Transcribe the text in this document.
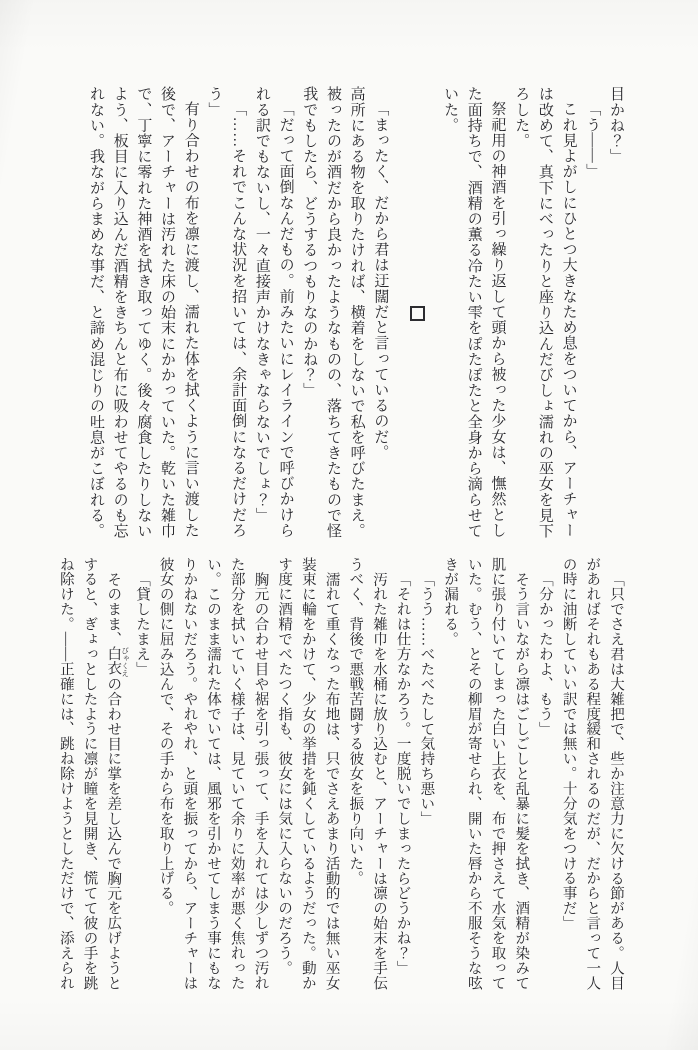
目かね？」

「う――」

これ見よがしにひとつ大きなため息をついてから、アーチャーは改めて、真下にべったりと座り込んだびしょ濡れの巫女を見下ろした。

祭祀用の神酒を引っ繰り返して頭から被った少女は、憮然とした面持ちで、酒精の薫る冷たい雫をぽたぽたと全身から滴らせていた。

「まったく、だから君は迂闊だと言っているのだ。
高所にある物を取りたければ、横着をしないで私を呼びたまえ。被ったのが酒だから良かったようなものの、落ちてきたもので怪我でもしたら、どうするつもりなのかね？」

「だって面倒なんだもの。前みたいにレイラインで呼びかけられる訳でもないし、一々直接声かけなきゃならないでしょ？」

「……それでこんな状況を招いては、余計面倒になるだけだろう」

有り合わせの布を凛に渡し、濡れた体を拭くように言い渡した後で、アーチャーは汚れた床の始末にかかっていた。乾いた雑巾で、丁寧に零れた神酒を拭き取ってゆく。後々腐食したりしないよう、板目に入り込んだ酒精をきちんと布に吸わせてやるのも忘れない。我ながらまめな事だ、と諦め混じりの吐息がこぼれる。

「只でさえ君は大雑把で、些か注意力に欠ける節がある。人目があればそれもある程度緩和されるのだが、だからと言って一人の時に油断していい訳では無い。十分気をつける事だ」

「分かったわよ、もう」

そう言いながら凛はごしごしと乱暴に髪を拭き、酒精が染みて肌に張り付いてしまった白い上衣を、布で押さえて水気を取っていた。むう、とその柳眉が寄せられ、開いた唇から不服そうな呟きが漏れる。

「うう……べたべたして気持ち悪い」

「それは仕方なかろう。一度脱いでしまったらどうかね？」

汚れた雑巾を水桶に放り込むと、アーチャーは凛の始末を手伝うべく、背後で悪戦苦闘する彼女を振り向いた。

濡れて重くなった布地は、只でさえあまり活動的では無い巫女装束に輪をかけて、少女の挙措を鈍くしているようだった。動かす度に酒精でべたつく指も、彼女には気に入らないのだろう。

胸元の合わせ目や裾を引っ張って、手を入れては少しずつ汚れた部分を拭いていく様子は、見ていて余りに効率が悪く焦れったい。このまま濡れた体でいては、風邪を引かせてしまう事にもなりかねないだろう。やれやれ、と頭を振ってから、アーチャーは彼女の側に屈み込んで、その手から布を取り上げる。

「貸したまえ」

そのまま、白衣 びゃくえの合わせ目に掌を差し込んで胸元を広げようとすると、ぎょっとしたように凛が瞳を見開き、慌てて彼の手を跳ね除けた。――正確には、跳ね除けようとしただけで、添えられ
